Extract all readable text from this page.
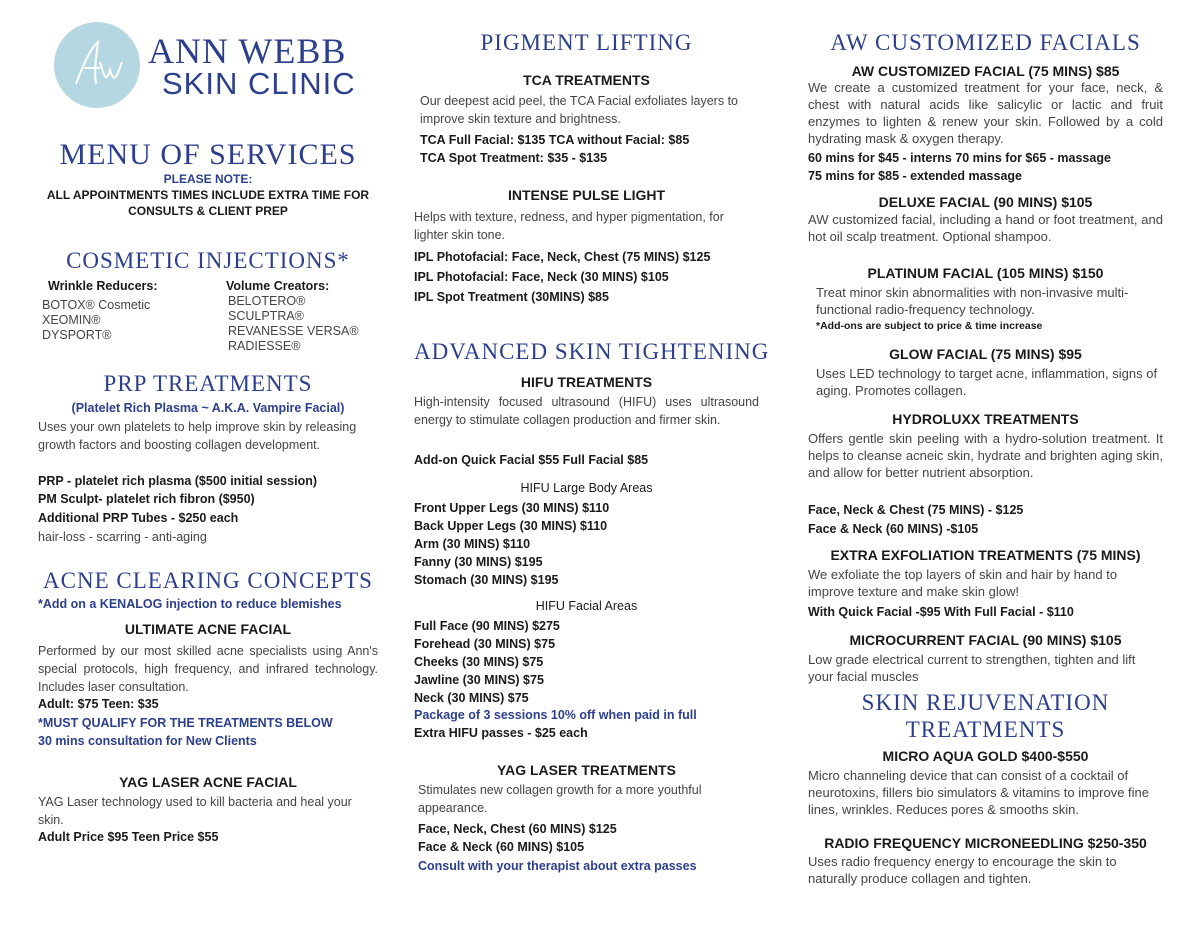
ANN WEBB
SKIN CLINIC
MENU OF SERVICES
PLEASE NOTE:
ALL APPOINTMENTS TIMES INCLUDE EXTRA TIME FOR CONSULTS & CLIENT PREP
COSMETIC INJECTIONS*
Wrinkle Reducers:
BOTOX® Cosmetic
XEOMIN®
DYSPORT®
Volume Creators:
BELOTERO®
SCULPTRA®
REVANESSE VERSA®
RADIESSE®
PRP TREATMENTS
(Platelet Rich Plasma ~ A.K.A. Vampire Facial)
Uses your own platelets to help improve skin by releasing growth factors and boosting collagen development.
PRP - platelet rich plasma ($500 initial session)
PM Sculpt- platelet rich fibron ($950)
Additional PRP Tubes - $250 each
hair-loss - scarring - anti-aging
ACNE CLEARING CONCEPTS
*Add on a KENALOG injection to reduce blemishes
ULTIMATE ACNE FACIAL
Performed by our most skilled acne specialists using Ann's special protocols, high frequency, and infrared technology. Includes laser consultation.
Adult: $75 Teen: $35
*MUST QUALIFY FOR THE TREATMENTS BELOW
30 mins consultation for New Clients
YAG LASER ACNE FACIAL
YAG Laser technology used to kill bacteria and heal your skin.
Adult Price $95 Teen Price $55
PIGMENT LIFTING
TCA TREATMENTS
Our deepest acid peel, the TCA Facial exfoliates layers to improve skin texture and brightness.
TCA Full Facial: $135 TCA without Facial: $85
TCA Spot Treatment: $35 - $135
INTENSE PULSE LIGHT
Helps with texture, redness, and hyper pigmentation, for lighter skin tone.
IPL Photofacial: Face, Neck, Chest (75 MINS) $125
IPL Photofacial: Face, Neck (30 MINS) $105
IPL Spot Treatment (30MINS) $85
ADVANCED SKIN TIGHTENING
HIFU TREATMENTS
High-intensity focused ultrasound (HIFU) uses ultrasound energy to stimulate collagen production and firmer skin.
Add-on Quick Facial $55 Full Facial $85
HIFU Large Body Areas
Front Upper Legs (30 MINS) $110
Back Upper Legs (30 MINS) $110
Arm (30 MINS) $110
Fanny (30 MINS) $195
Stomach (30 MINS) $195
HIFU Facial Areas
Full Face (90 MINS) $275
Forehead (30 MINS) $75
Cheeks (30 MINS) $75
Jawline (30 MINS) $75
Neck (30 MINS) $75
Package of 3 sessions 10% off when paid in full
Extra HIFU passes - $25 each
YAG LASER TREATMENTS
Stimulates new collagen growth for a more youthful appearance.
Face, Neck, Chest (60 MINS) $125
Face & Neck (60 MINS) $105
Consult with your therapist about extra passes
AW CUSTOMIZED FACIALS
AW CUSTOMIZED FACIAL (75 MINS) $85
We create a customized treatment for your face, neck, & chest with natural acids like salicylic or lactic and fruit enzymes to lighten & renew your skin. Followed by a cold hydrating mask & oxygen therapy.
60 mins for $45 - interns 70 mins for $65 - massage
75 mins for $85 - extended massage
DELUXE FACIAL (90 MINS) $105
AW customized facial, including a hand or foot treatment, and hot oil scalp treatment. Optional shampoo.
PLATINUM FACIAL (105 MINS) $150
Treat minor skin abnormalities with non-invasive multi-functional radio-frequency technology.
*Add-ons are subject to price & time increase
GLOW FACIAL (75 MINS) $95
Uses LED technology to target acne, inflammation, signs of aging. Promotes collagen.
HYDROLUXX TREATMENTS
Offers gentle skin peeling with a hydro-solution treatment. It helps to cleanse acneic skin, hydrate and brighten aging skin, and allow for better nutrient absorption.
Face, Neck & Chest (75 MINS) - $125
Face & Neck (60 MINS) -$105
EXTRA EXFOLIATION TREATMENTS (75 MINS)
We exfoliate the top layers of skin and hair by hand to improve texture and make skin glow!
With Quick Facial -$95 With Full Facial - $110
MICROCURRENT FACIAL (90 MINS) $105
Low grade electrical current to strengthen, tighten and lift your facial muscles
SKIN REJUVENATION
TREATMENTS
MICRO AQUA GOLD $400-$550
Micro channeling device that can consist of a cocktail of neurotoxins, fillers bio simulators & vitamins to improve fine lines, wrinkles. Reduces pores & smooths skin.
RADIO FREQUENCY MICRONEEDLING $250-350
Uses radio frequency energy to encourage the skin to naturally produce collagen and tighten.
